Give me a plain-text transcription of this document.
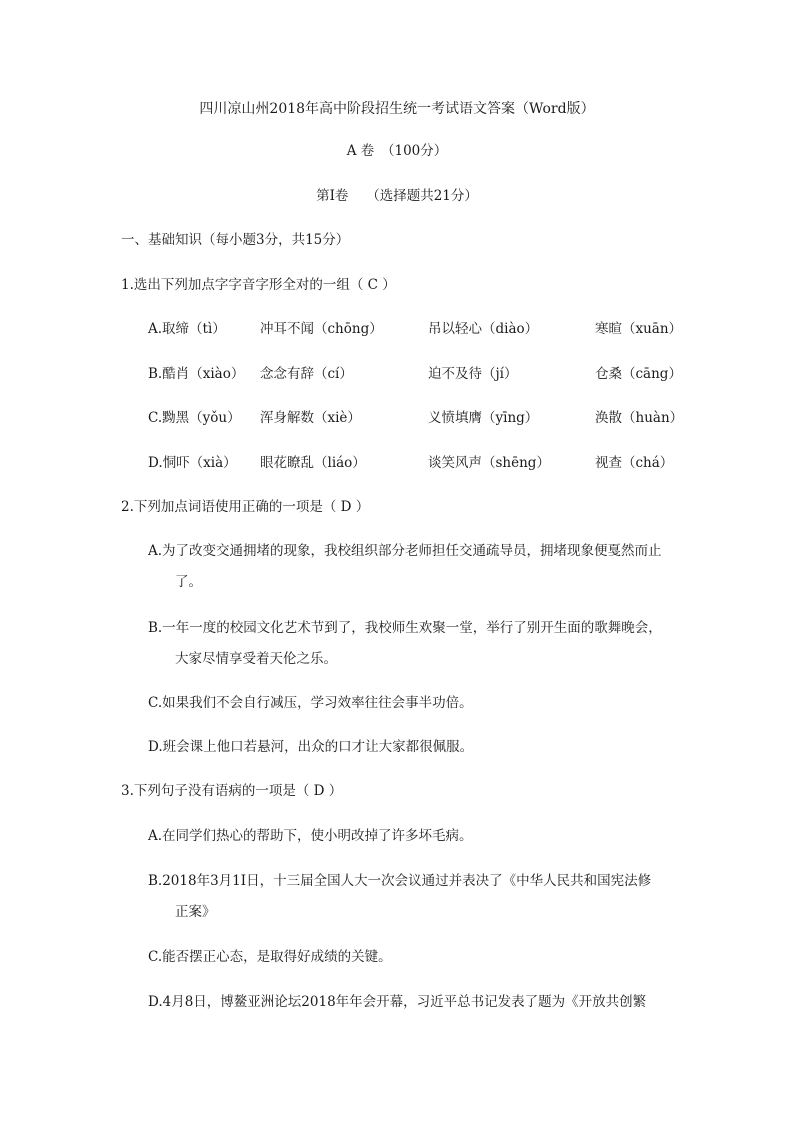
四川凉山州2018年高中阶段招生统一考试语文答案（Word版）
A 卷　（100分）
第I卷　 （选择题共21分）
一、基础知识（每小题3分，共15分）
1.选出下列加点字字音字形全对的一组（ C ）
A.取缔（tì）	冲耳不闻（chōng）	吊以轻心（diào）	寒暄（xuān）
B.酷肖（xiào） 念念有辞（cí）	迫不及待（jí）	仓桑（cāng）
C.黝黑（yǒu） 浑身解数（xiè）	义愤填膺（yīng）	涣散（huàn）
D.恫吓（xià） 眼花瞭乱（liáo）	谈笑风声（shēng）	视查（chá）
2.下列加点词语使用正确的一项是（ D ）
A.为了改变交通拥堵的现象，我校组织部分老师担任交通疏导员，拥堵现象便戛然而止
了。
B.一年一度的校园文化艺术节到了，我校师生欢聚一堂，举行了别开生面的歌舞晚会，
大家尽情享受着天伦之乐。
C.如果我们不会自行减压，学习效率往往会事半功倍。
D.班会课上他口若悬河，出众的口才让大家都很佩服。
3.下列句子没有语病的一项是（ D ）
A.在同学们热心的帮助下，使小明改掉了许多坏毛病。
B.2018年3月1I日，十三届全国人大一次会议通过并表决了《中华人民共和国宪法修
正案》
C.能否摆正心态，是取得好成绩的关键。
D.4月8日，博鳌亚洲论坛2018年年会开幕，习近平总书记发表了题为《开放共创繁
